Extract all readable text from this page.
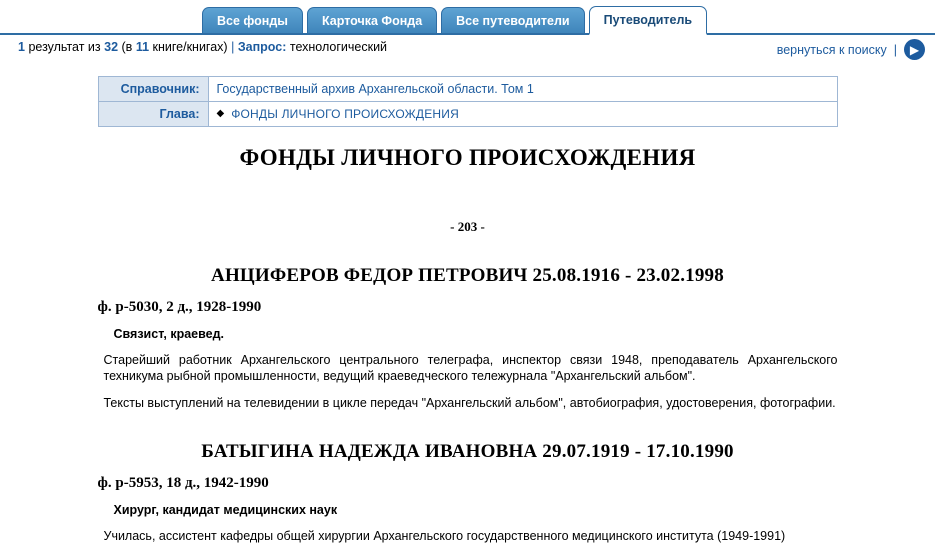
Все фонды	Карточка Фонда	Все путеводители	Путеводитель
1 результат из 32 (в 11 книге/книгах) | Запрос: технологический	вернуться к поиску |	▶
Справочник:	Государственный архив Архангельской области. Том 1
Глава:	◆ ФОНДЫ ЛИЧНОГО ПРОИСХОЖДЕНИЯ
ФОНДЫ ЛИЧНОГО ПРОИСХОЖДЕНИЯ
- 203 -
АНЦИФЕРОВ ФЕДОР ПЕТРОВИЧ 25.08.1916 - 23.02.1998
ф. р-5030, 2 д., 1928-1990
Связист, краевед.
Старейший работник Архангельского центрального телеграфа, инспектор связи 1948, преподаватель Архангельского техникума рыбной промышленности, ведущий краеведческого тележурнала "Архангельский альбом".
Тексты выступлений на телевидении в цикле передач "Архангельский альбом", автобиография, удостоверения, фотографии.
БАТЫГИНА НАДЕЖДА ИВАНОВНА 29.07.1919 - 17.10.1990
ф. р-5953, 18 д., 1942-1990
Хирург, кандидат медицинских наук
Училась, ассистент кафедры общей хирургии Архангельского государственного медицинского института (1949-1991)
